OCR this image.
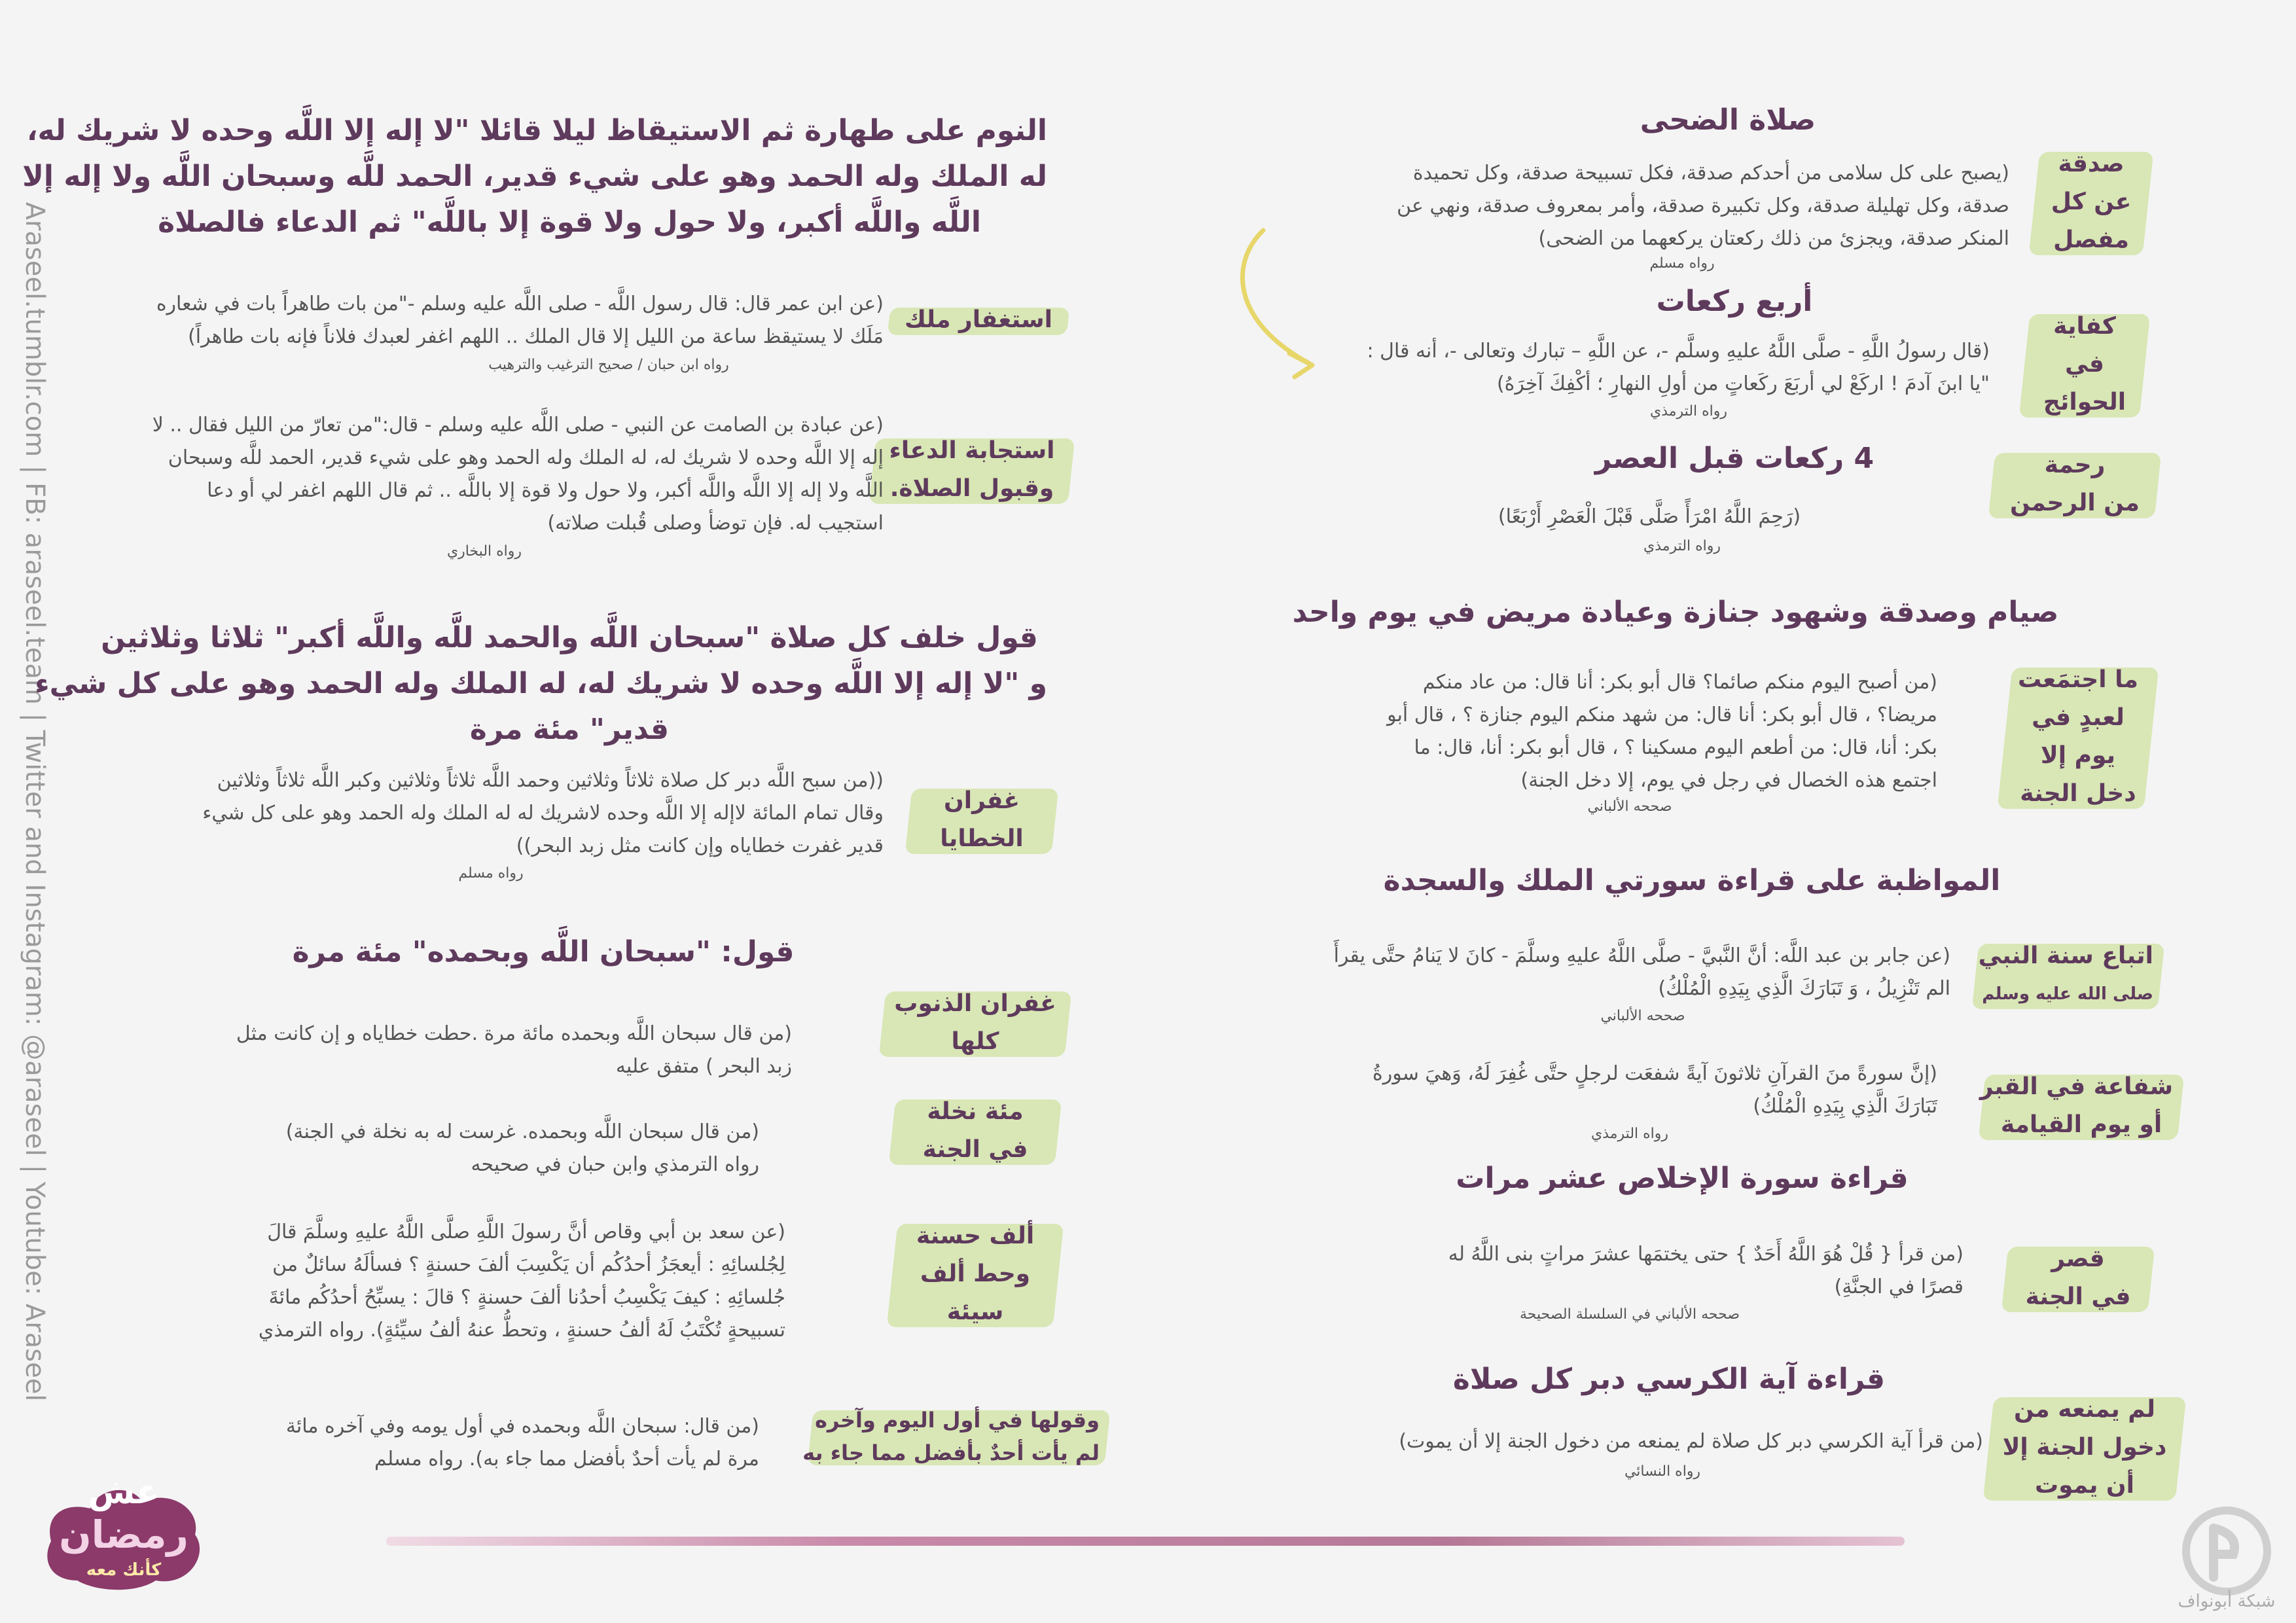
Araseel.tumblr.com | FB: araseel.team | Twitter and Instagram: @araseel | Youtube: Araseel
صلاة الضحى
صدقة
عن كل
مفصل
(يصبح على كل سلامى من أحدكم صدقة، فكل تسبيحة صدقة، وكل تحميدة
صدقة، وكل تهليلة صدقة، وكل تكبيرة صدقة، وأمر بمعروف صدقة، ونهي عن
المنكر صدقة، ويجزئ من ذلك ركعتان يركعهما من الضحى)
رواه مسلم
أربع ركعات
كفاية
في
الحوائج
(قال رسولُ اللَّهِ - صلَّى اللَّهُ عليهِ وسلَّم -، عن اللَّهِ – تبارك وتعالى -، أنه قال :
"يا ابنَ آدمَ ! اركَعْ لي أربَعَ ركَعاتٍ من أولِ النهارِ ؛ أكْفِكَ آخِرَهُ)
رواه الترمذي
4 ركعات قبل العصر	رحمة
من الرحمن
(رَحِمَ اللَّهُ امْرَأً صَلَّى قَبْلَ الْعَصْرِ أَرْبَعًا)
رواه الترمذي
صيام وصدقة وشهود جنازة وعيادة مريض في يوم واحد
ما اجتمَعت
لعبدٍ في
يوم إلا
دخل الجنة
(من أصبح اليوم منكم صائما؟ قال أبو بكر: أنا قال: من عاد منكم
مريضا؟ ، قال أبو بكر: أنا قال: من شهد منكم اليوم جنازة ؟ ، قال أبو
بكر: أنا، قال: من أطعم اليوم مسكينا ؟ ، قال أبو بكر: أنا، قال: ما
اجتمع هذه الخصال في رجل في يوم، إلا دخل الجنة)
صححه الألباني
المواظبة على قراءة سورتي الملك والسجدة
اتباع سنة النبي
صلى الله عليه وسلم
(عن جابر بن عبد اللَّه: أنَّ النَّبيَّ - صلَّى اللَّهُ عليهِ وسلَّمَ - كانَ لا يَنامُ حتَّى يقرأَ
الم تَنْزِيلُ ، وَ تَبَارَكَ الَّذِي بِيَدِهِ الْمُلْكُ)
صححه الألباني
شفاعة في القبر
أو يوم القيامة
(إنَّ سورةً منَ القرآنِ ثلاثونَ آيةً شفعَت لرجلٍ حتَّى غُفِرَ لَهُ، وَهيَ سورةُ
تَبَارَكَ الَّذِي بِيَدِهِ الْمُلْكُ)
رواه الترمذي
قراءة سورة الإخلاص عشر مرات
قصر
في الجنة
(من قرأ { قُلْ هُوَ اللَّهُ أَحَدٌ } حتى يختمَها عشرَ مراتٍ بنى اللَّهُ له
قصرًا في الجنَّةِ)
صححه الألباني في السلسلة الصحيحة
قراءة آية الكرسي دبر كل صلاة
لم يمنعه من
دخول الجنة إلا
أن يموت
(من قرأ آية الكرسي دبر كل صلاة لم يمنعه من دخول الجنة إلا أن يموت)
رواه النسائي
النوم على طهارة ثم الاستيقاظ ليلا قائلا "لا إله إلا اللَّه وحده لا شريك له،
له الملك وله الحمد وهو على شيء قدير، الحمد للَّه وسبحان اللَّه ولا إله إلا
اللَّه واللَّه أكبر، ولا حول ولا قوة إلا باللَّه" ثم الدعاء فالصلاة
استغفار ملك
(عن ابن عمر قال: قال رسول اللَّه - صلى اللَّه عليه وسلم -"من بات طاهراً بات في شعاره
مَلَك لا يستيقظ ساعة من الليل إلا قال الملك .. اللهم اغفر لعبدك فلاناً فإنه بات طاهراً)
رواه ابن حبان / صحيح الترغيب والترهيب
استجابة الدعاء
وقبول الصلاة.
(عن عبادة بن الصامت عن النبي - صلى اللَّه عليه وسلم - قال:"من تعارّ من الليل فقال .. لا
إله إلا اللَّه وحده لا شريك له، له الملك وله الحمد وهو على شيء قدير، الحمد للَّه وسبحان
اللَّه ولا إله إلا اللَّه واللَّه أكبر، ولا حول ولا قوة إلا باللَّه .. ثم قال اللهم اغفر لي أو دعا
استجيب له. فإن توضأ وصلى قُبلت صلاته)
رواه البخاري
قول خلف كل صلاة "سبحان اللَّه والحمد للَّه واللَّه أكبر" ثلاثا وثلاثين
و "لا إله إلا اللَّه وحده لا شريك له، له الملك وله الحمد وهو على كل شيء
قدير" مئة مرة
غفران
الخطايا
((من سبح اللَّه دبر كل صلاة ثلاثاً وثلاثين وحمد اللَّه ثلاثاً وثلاثين وكبر اللَّه ثلاثاً وثلاثين
وقال تمام المائة لاإله إلا اللَّه وحده لاشريك له له الملك وله الحمد وهو على كل شيء
قدير غفرت خطاياه وإن كانت مثل زبد البحر))
رواه مسلم
قول: "سبحان اللَّه وبحمده" مئة مرة
غفران الذنوب
كلها
(من قال سبحان اللَّه وبحمده مائة مرة .حطت خطاياه و إن كانت مثل
زبد البحر ) متفق عليه
مئة نخلة
في الجنة
(من قال سبحان اللَّه وبحمده. غرست له به نخلة في الجنة)
رواه الترمذي وابن حبان في صحيحه
ألف حسنة
وحط ألف
سيئة
(عن سعد بن أبي وقاص أنَّ رسولَ اللَّهِ صلَّى اللَّهُ عليهِ وسلَّمَ قالَ
لِجُلسائِهِ : أيعجَزُ أحدُكُم أن يَكْسِبَ ألفَ حسنةٍ ؟ فسألَهُ سائلٌ من
جُلسائِهِ : كيفَ يَكْسِبُ أحدُنا ألفَ حسنةٍ ؟ قالَ : يسبِّحُ أحدُكُم مائةَ
تسبيحةٍ تُكْتَبُ لَهُ ألفُ حسنةٍ ، وتحطُّ عنهُ ألفُ سيِّئةٍ). رواه الترمذي
وقولها في أول اليوم وآخره
لم يأت أحدٌ بأفضل مما جاء به
(من قال: سبحان اللَّه وبحمده في أول يومه وفي آخره مائة
مرة لم يأت أحدٌ بأفضل مما جاء به). رواه مسلم
عش
رمضان
كأنك معه
شبكة أبونواف
